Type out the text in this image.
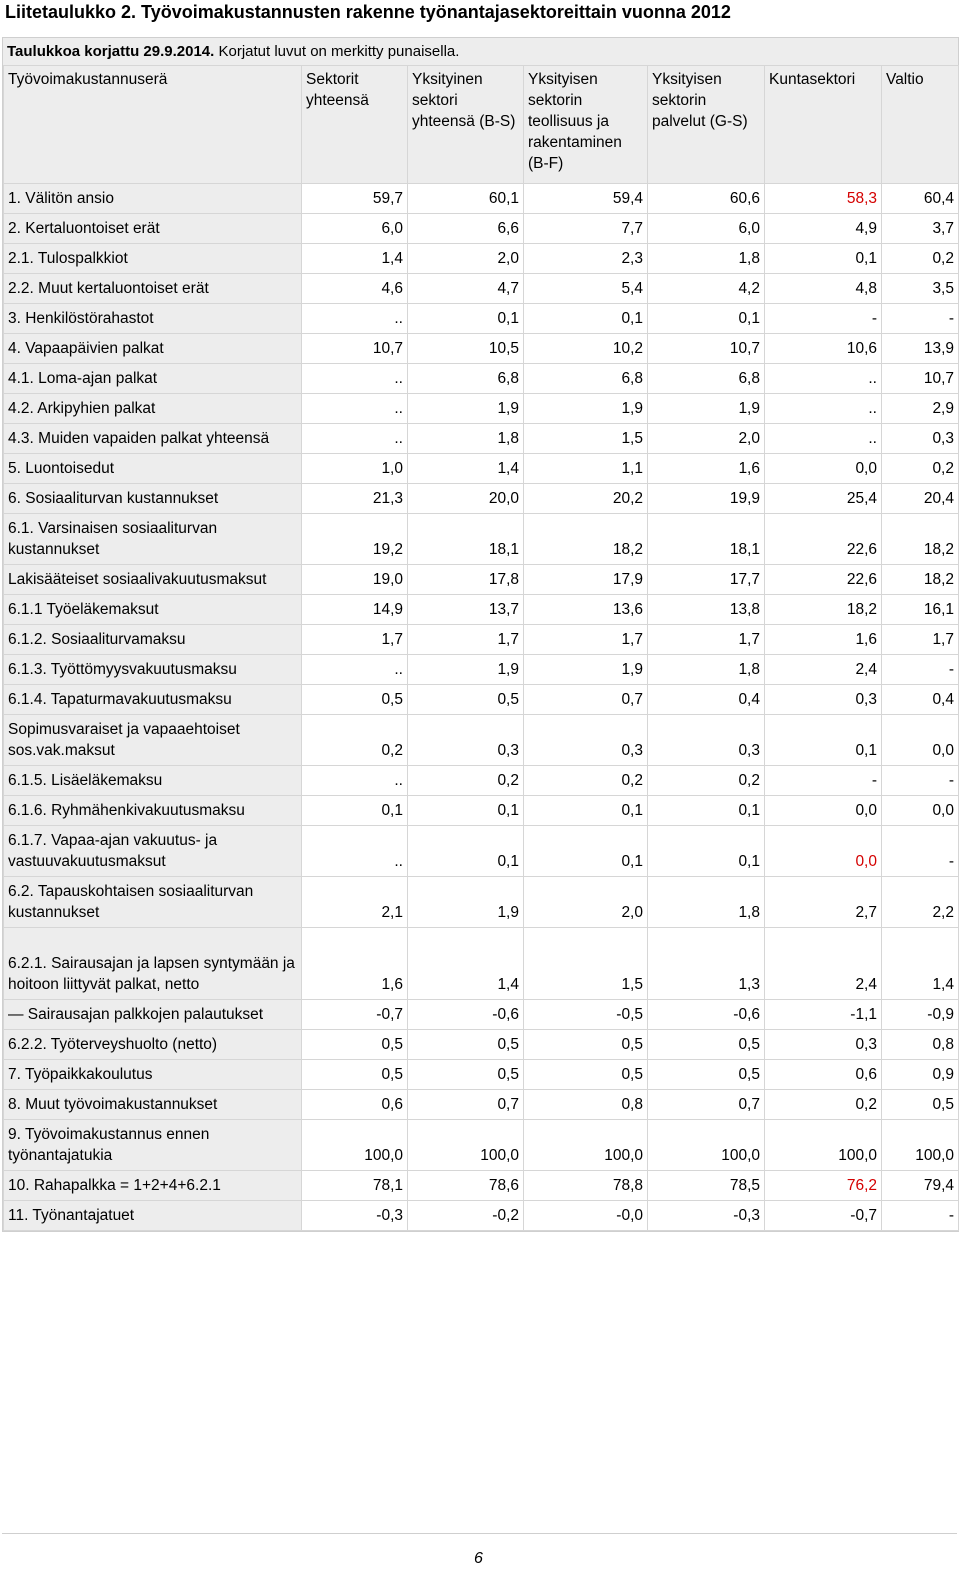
Liitetaulukko 2. Työvoimakustannusten rakenne työnantajasektoreittain vuonna 2012
Taulukkoa korjattu 29.9.2014. Korjatut luvut on merkitty punaisella.
Työvoimakustannuserä	Sektorit yhteensä	Yksityinen sektori yhteensä (B-S)	Yksityisen sektorin teollisuus ja rakentaminen (B-F)	Yksityisen sektorin palvelut (G-S)	Kuntasektori	Valtio
1. Välitön ansio	59,7	60,1	59,4	60,6	58,3	60,4
2. Kertaluontoiset erät	6,0	6,6	7,7	6,0	4,9	3,7
2.1. Tulospalkkiot	1,4	2,0	2,3	1,8	0,1	0,2
2.2. Muut kertaluontoiset erät	4,6	4,7	5,4	4,2	4,8	3,5
3. Henkilöstörahastot	..	0,1	0,1	0,1	-	-
4. Vapaapäivien palkat	10,7	10,5	10,2	10,7	10,6	13,9
4.1. Loma-ajan palkat	..	6,8	6,8	6,8	..	10,7
4.2. Arkipyhien palkat	..	1,9	1,9	1,9	..	2,9
4.3. Muiden vapaiden palkat yhteensä	..	1,8	1,5	2,0	..	0,3
5. Luontoisedut	1,0	1,4	1,1	1,6	0,0	0,2
6. Sosiaaliturvan kustannukset	21,3	20,0	20,2	19,9	25,4	20,4
6.1. Varsinaisen sosiaaliturvan kustannukset	19,2	18,1	18,2	18,1	22,6	18,2
Lakisääteiset sosiaalivakuutusmaksut	19,0	17,8	17,9	17,7	22,6	18,2
6.1.1 Työeläkemaksut	14,9	13,7	13,6	13,8	18,2	16,1
6.1.2. Sosiaaliturvamaksu	1,7	1,7	1,7	1,7	1,6	1,7
6.1.3. Työttömyysvakuutusmaksu	..	1,9	1,9	1,8	2,4	-
6.1.4. Tapaturmavakuutusmaksu	0,5	0,5	0,7	0,4	0,3	0,4
Sopimusvaraiset ja vapaaehtoiset sos.vak.maksut	0,2	0,3	0,3	0,3	0,1	0,0
6.1.5. Lisäeläkemaksu	..	0,2	0,2	0,2	-	-
6.1.6. Ryhmähenkivakuutusmaksu	0,1	0,1	0,1	0,1	0,0	0,0
6.1.7. Vapaa-ajan vakuutus- ja vastuuvakuutusmaksut	..	0,1	0,1	0,1	0,0	-
6.2. Tapauskohtaisen sosiaaliturvan kustannukset	2,1	1,9	2,0	1,8	2,7	2,2
6.2.1. Sairausajan ja lapsen syntymään ja hoitoon liittyvät palkat, netto	1,6	1,4	1,5	1,3	2,4	1,4
— Sairausajan palkkojen palautukset	-0,7	-0,6	-0,5	-0,6	-1,1	-0,9
6.2.2. Työterveyshuolto (netto)	0,5	0,5	0,5	0,5	0,3	0,8
7. Työpaikkakoulutus	0,5	0,5	0,5	0,5	0,6	0,9
8. Muut työvoimakustannukset	0,6	0,7	0,8	0,7	0,2	0,5
9. Työvoimakustannus ennen työnantajatukia	100,0	100,0	100,0	100,0	100,0	100,0
10. Rahapalkka = 1+2+4+6.2.1	78,1	78,6	78,8	78,5	76,2	79,4
11. Työnantajatuet	-0,3	-0,2	-0,0	-0,3	-0,7	-
6
